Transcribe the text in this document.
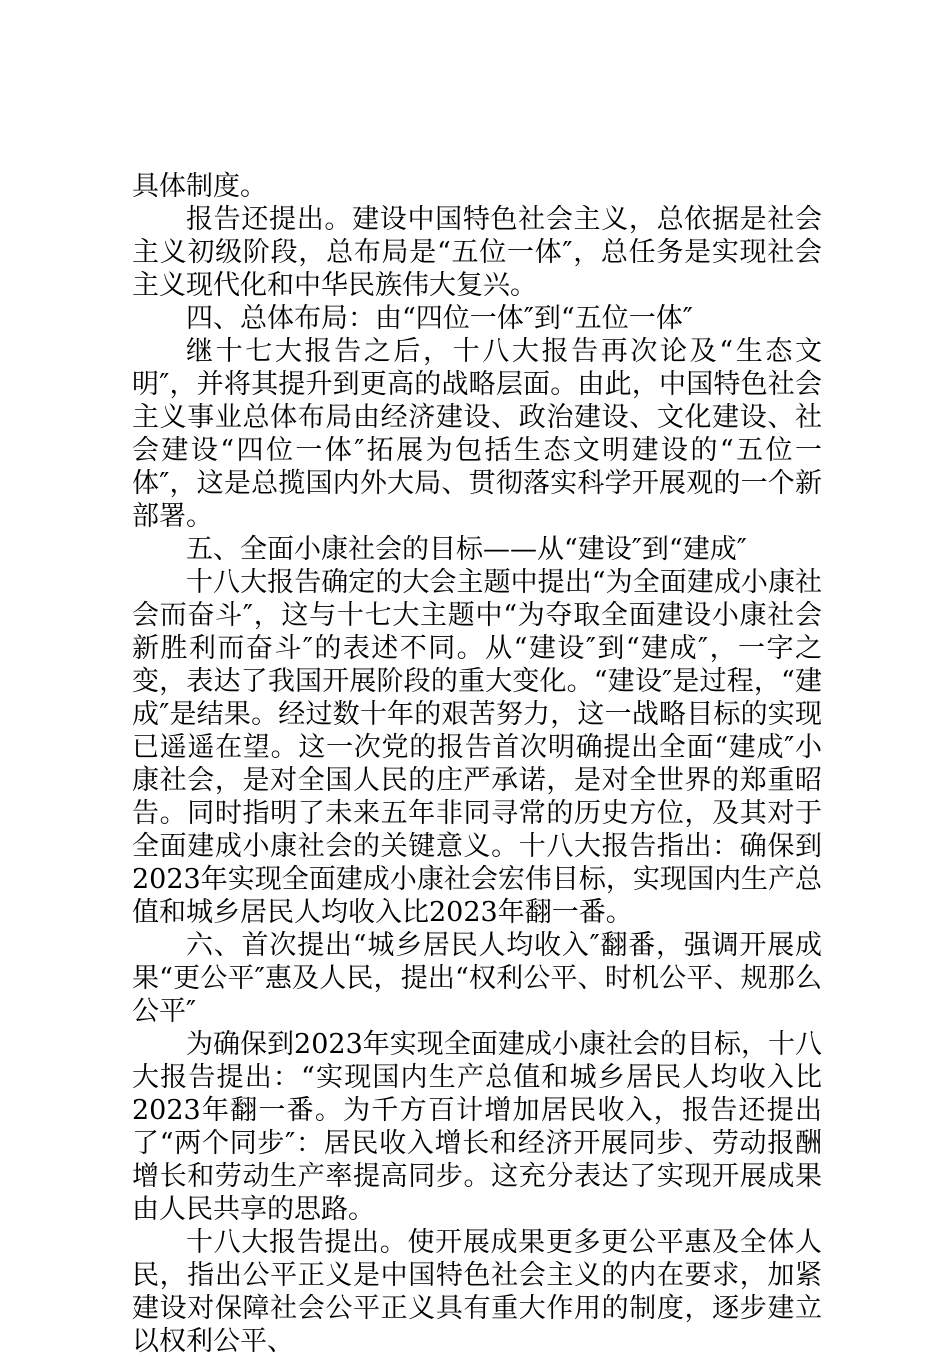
具体制度。

报告还提出。建设中国特色社会主义，总依据是社会主义初级阶段，总布局是“五位一体″，总任务是实现社会主义现代化和中华民族伟大复兴。

四、总体布局：由“四位一体″到“五位一体″

继十七大报告之后，十八大报告再次论及“生态文明″，并将其提升到更高的战略层面。由此，中国特色社会主义事业总体布局由经济建设、政治建设、文化建设、社会建设“四位一体″拓展为包括生态文明建设的“五位一体″，这是总揽国内外大局、贯彻落实科学开展观的一个新部署。

五、全面小康社会的目标——从“建设″到“建成″

十八大报告确定的大会主题中提出“为全面建成小康社会而奋斗″，这与十七大主题中“为夺取全面建设小康社会新胜利而奋斗″的表述不同。从“建设″到“建成″，一字之变，表达了我国开展阶段的重大变化。“建设″是过程，“建成″是结果。经过数十年的艰苦努力，这一战略目标的实现已遥遥在望。这一次党的报告首次明确提出全面“建成″小康社会，是对全国人民的庄严承诺，是对全世界的郑重昭告。同时指明了未来五年非同寻常的历史方位，及其对于全面建成小康社会的关键意义。十八大报告指出：确保到2023年实现全面建成小康社会宏伟目标，实现国内生产总值和城乡居民人均收入比2023年翻一番。

六、首次提出“城乡居民人均收入″翻番，强调开展成果“更公平″惠及人民，提出“权利公平、时机公平、规那么公平″

为确保到2023年实现全面建成小康社会的目标，十八大报告提出：“实现国内生产总值和城乡居民人均收入比2023年翻一番。为千方百计增加居民收入，报告还提出了“两个同步″：居民收入增长和经济开展同步、劳动报酬增长和劳动生产率提高同步。这充分表达了实现开展成果由人民共享的思路。

十八大报告提出。使开展成果更多更公平惠及全体人民，指出公平正义是中国特色社会主义的内在要求，加紧建设对保障社会公平正义具有重大作用的制度，逐步建立以权利公平、
